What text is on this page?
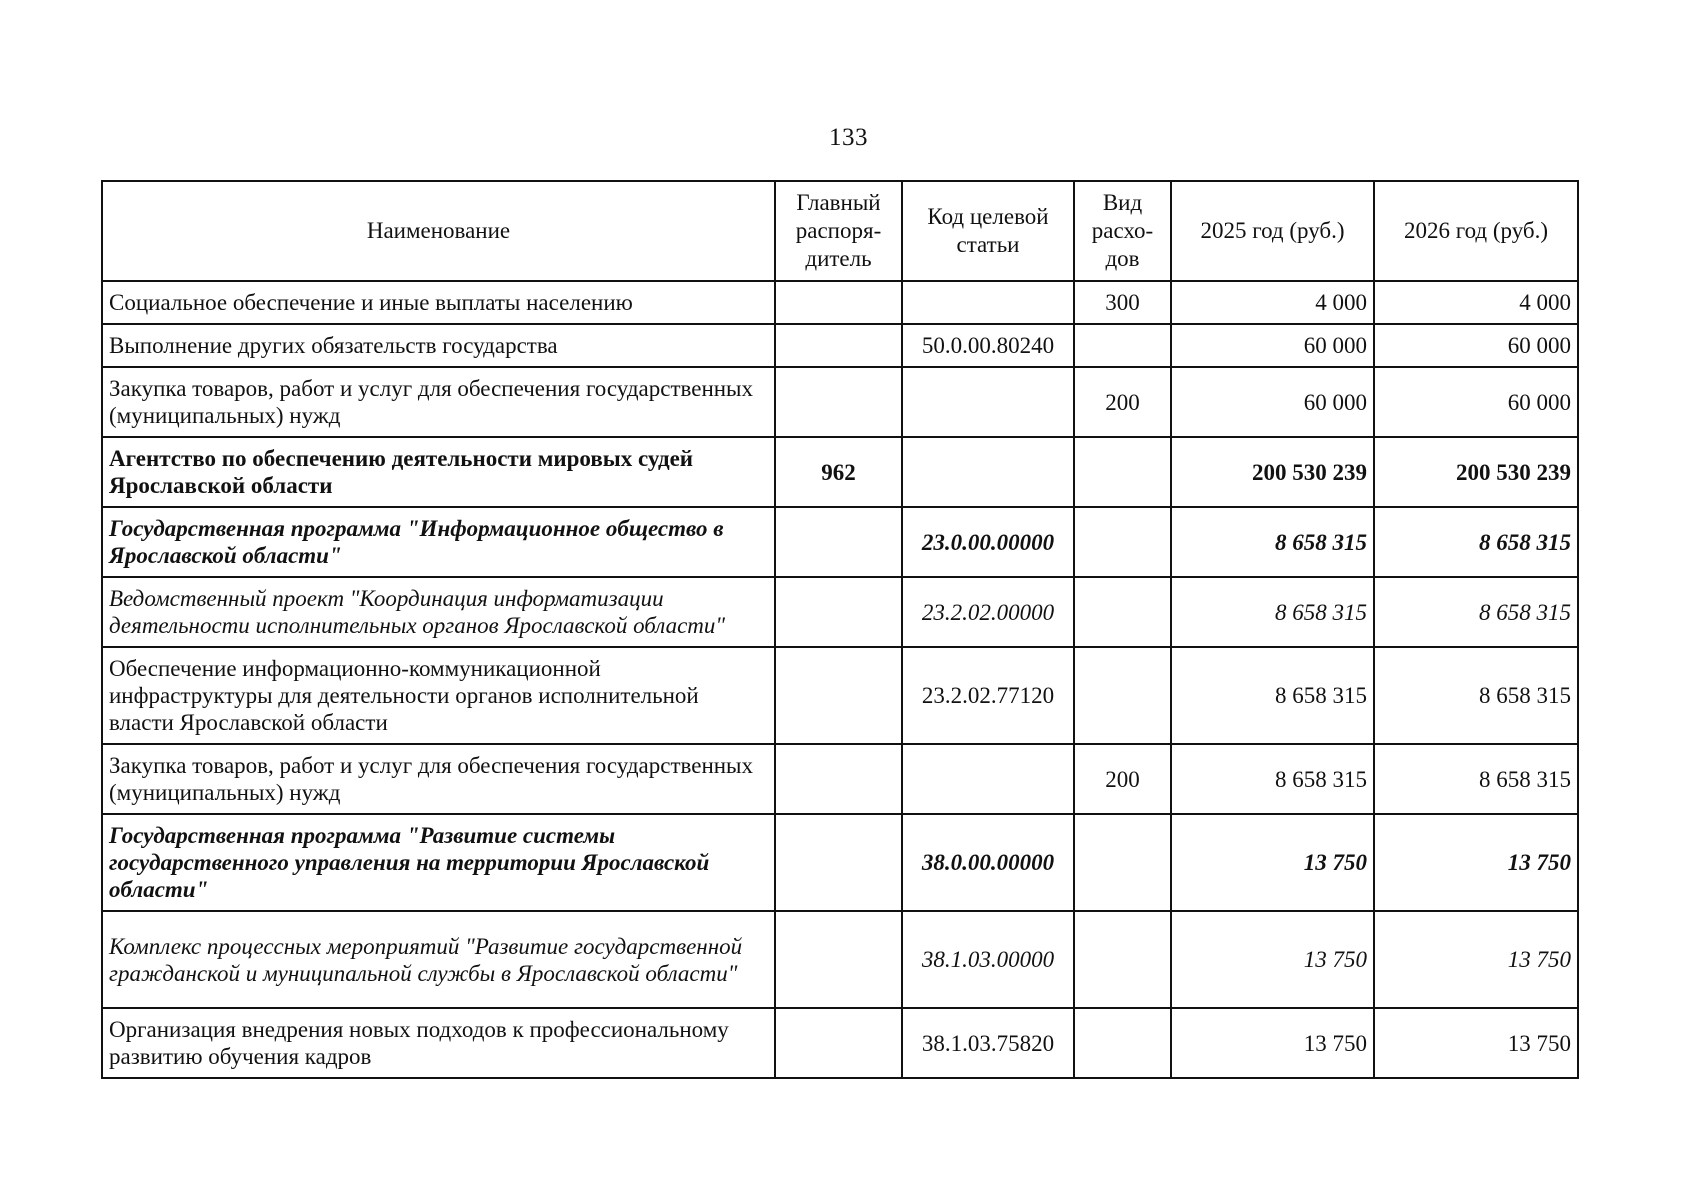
133
Наименование	Главный распоря-дитель	Код целевой статьи	Вид расхо-дов	2025 год (руб.)	2026 год (руб.)
Социальное обеспечение и иные выплаты населению			300	4 000	4 000
Выполнение других обязательств государства		50.0.00.80240		60 000	60 000
Закупка товаров, работ и услуг для обеспечения государственных (муниципальных) нужд			200	60 000	60 000
Агентство по обеспечению деятельности мировых судей Ярославской области	962			200 530 239	200 530 239
Государственная программа "Информационное общество в Ярославской области"		23.0.00.00000		8 658 315	8 658 315
Ведомственный проект "Координация информатизации деятельности исполнительных органов Ярославской области"		23.2.02.00000		8 658 315	8 658 315
Обеспечение информационно-коммуникационной инфраструктуры для деятельности органов исполнительной власти Ярославской области		23.2.02.77120		8 658 315	8 658 315
Закупка товаров, работ и услуг для обеспечения государственных (муниципальных) нужд			200	8 658 315	8 658 315
Государственная программа "Развитие системы государственного управления на территории Ярославской области"		38.0.00.00000		13 750	13 750
Комплекс процессных мероприятий "Развитие государственной гражданской и муниципальной службы в Ярославской области"		38.1.03.00000		13 750	13 750
Организация внедрения новых подходов к профессиональному развитию обучения кадров		38.1.03.75820		13 750	13 750
